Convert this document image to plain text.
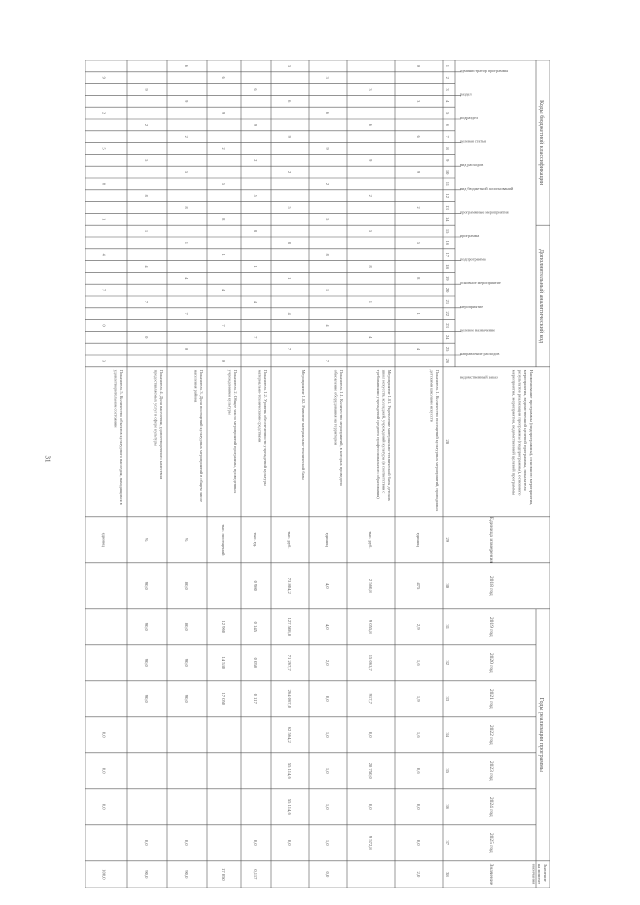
31
Коды бюджетной классификации
Дополнительный аналитический код
Наименование программы (подпрограммы), основного мероприятия,мероприятия, ведомственной целевой программы, показателярезультатов реализации программы (подпрограммы), основногомероприятия, мероприятия, ведомственной целевой программы
Единица измерения
2018 год
Годы реализации программы
Значениена моментокончания
Значение
2019 год
2020 год
2021 год
2022 год
2023 год
2024 год
2025 год
администратор программы
раздел
подраздел
целевая статья
вид расходов
вид бюджетной ассигнований
программные мероприятия
программа
подпрограмма
основное мероприятие
мероприятие
целевое назначение
направление расходов
ведомственный заказ
1
2
3
4
5
6
7
8
9
10
11
12
13
14
15
16
17
18
19
20
21
22
23
24
25
26
28
29
30
31
32
33
34
35
36
37
38
Показатель 1. Количество посещений культурных мероприятий, проводимыхдетскими школами искусств
единиц
475
2,9
1,6
1,9
1,6
0,6
0,0
0,0
2,0
0
3
6
9
2
5
8
1
4
Мероприятие 1.01. Укрепление материально-технической базы детскихшкол искусств, колледжей, учреждений культуры (в соответствии стребованиями учреждений среднего профессионального образования)
тыс. руб.
2 560,8
9 055,8
15 063,7
917,7
0,0
28 750,0
0,0
9 572,8
3
6
9
2
5
8
1
4
Показатель 1.1. Количество мероприятий, в которых проведенообновление оборудования на территории
единиц
4,0
4,0
2,0
0,0
1,0
1,0
1,0
1,0
0,0
3
6
9
2
5
8
1
4
7
Мероприятие 1.02. Развитие материально-технической базы
тыс. руб.
73 804,2
127 508,8
71 267,7
264 067,0
62 564,2
55 114,6
55 114,6
0,0
3
6
9
2
5
8
1
4
7
Показатель 1.2. Уровень обеспеченности учреждений культурыматериально-техническими средствами
тыс. ед.
0 980
0 145
0 058
0 117
0,0
0,117
6
9
2
5
8
1
4
7
Показатель 2. Общее число мероприятий программы, проведенныхучреждениями культуры
тыс. посещений
12 960
14 530
17 050
17 050
6
9
2
5
8
1
4
7
0
Показатель 3. Доля посещений культурных мероприятий в общем численаселения района
%
80,0
80,0
90,0
90,0
0,0
90,0
6
9
2
5
8
1
4
7
0
Показатель 4. Доля населения, удовлетворенного качествомпредоставляемых услуг в сфере культуры
%
90,0
90,0
90,0
90,0
0,0
90,0
9
2
5
8
1
4
7
0
Показатель 5. Количество объектов культурного наследия, находящихся вудовлетворительном состоянии
единиц
0,0
0,0
0,0
100,0
9
2
5
8
1
4
7
0
3
